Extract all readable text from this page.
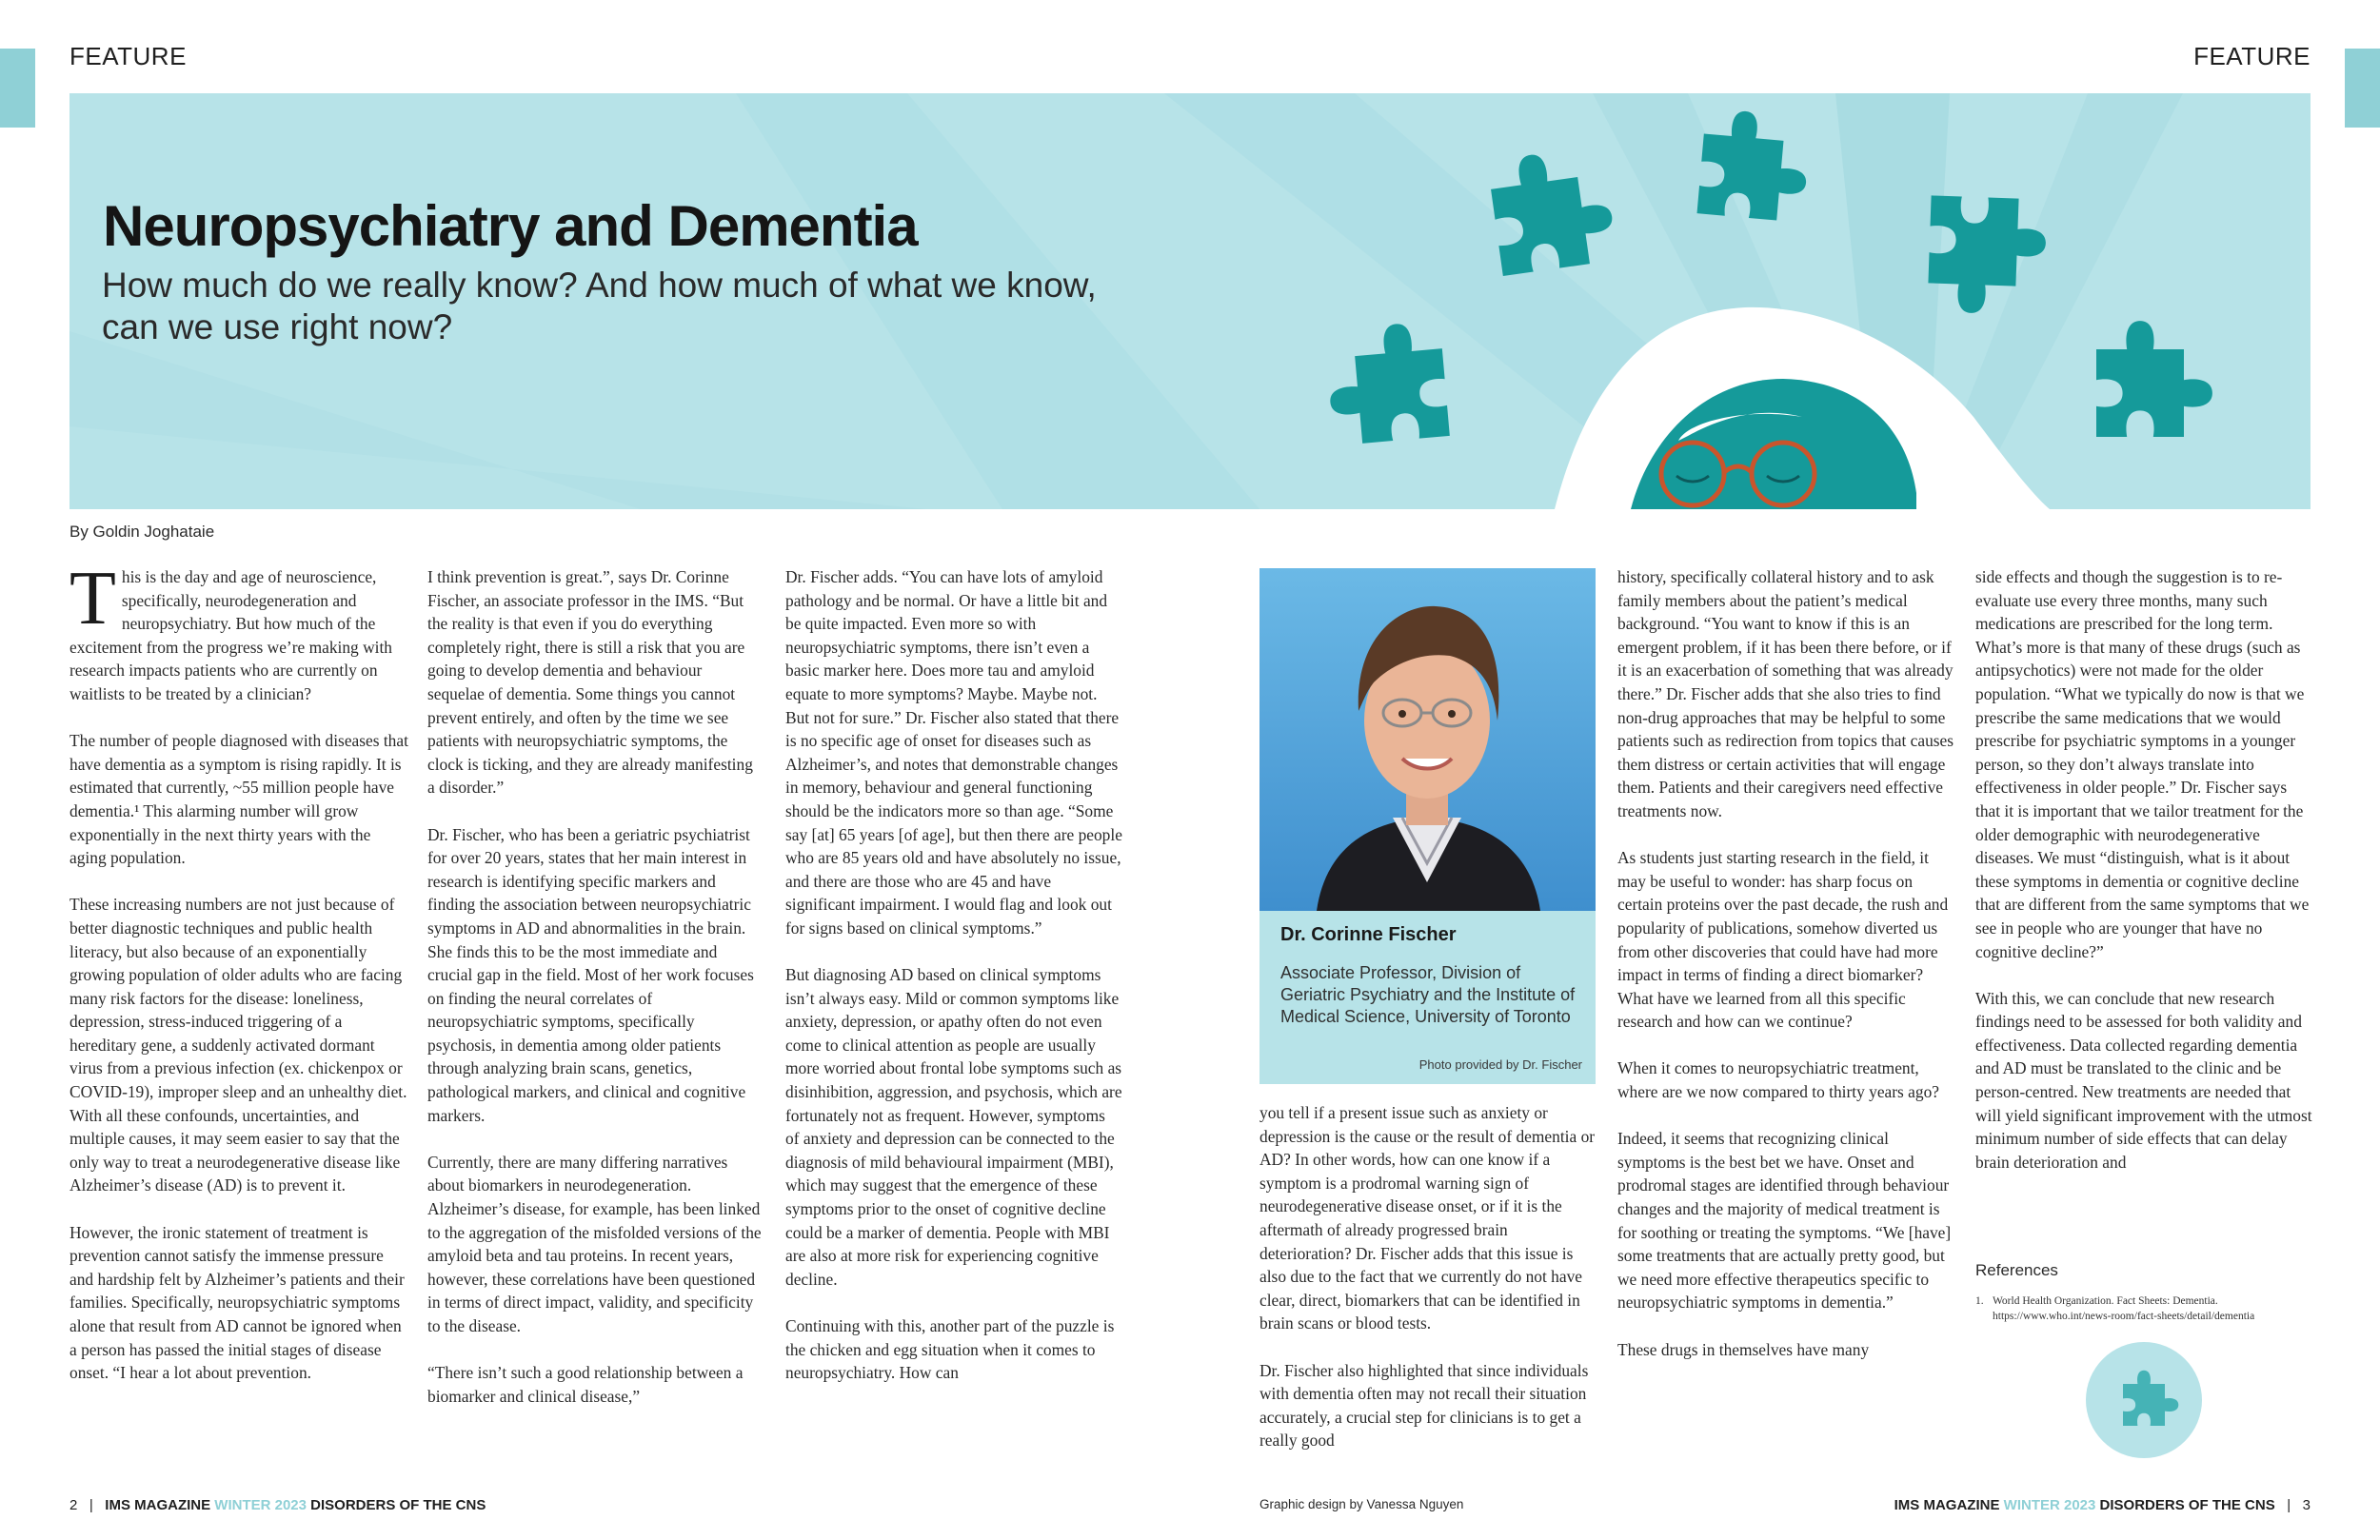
FEATURE	FEATURE
Neuropsychiatry and Dementia
How much do we really know? And how much of what we know, can we use right now?
By Goldin Joghataie

This is the day and age of neuroscience, specifically, neurodegeneration and neuropsychiatry. But how much of the excitement from the progress we’re making with research impacts patients who are currently on waitlists to be treated by a clinician?

The number of people diagnosed with diseases that have dementia as a symptom is rising rapidly. It is estimated that currently, ~55 million people have dementia.¹ This alarming number will grow exponentially in the next thirty years with the aging population.

These increasing numbers are not just because of better diagnostic techniques and public health literacy, but also because of an exponentially growing population of older adults who are facing many risk factors for the disease: loneliness, depression, stress-induced triggering of a hereditary gene, a suddenly activated dormant virus from a previous infection (ex. chickenpox or COVID-19), improper sleep and an unhealthy diet. With all these confounds, uncertainties, and multiple causes, it may seem easier to say that the only way to treat a neurodegenerative disease like Alzheimer’s disease (AD) is to prevent it.

However, the ironic statement of treatment is prevention cannot satisfy the immense pressure and hardship felt by Alzheimer’s patients and their families. Specifically, neuropsychiatric symptoms alone that result from AD cannot be ignored when a person has passed the initial stages of disease onset. “I hear a lot about prevention.

I think prevention is great.”, says Dr. Corinne Fischer, an associate professor in the IMS. “But the reality is that even if you do everything completely right, there is still a risk that you are going to develop dementia and behaviour sequelae of dementia. Some things you cannot prevent entirely, and often by the time we see patients with neuropsychiatric symptoms, the clock is ticking, and they are already manifesting a disorder.”

Dr. Fischer, who has been a geriatric psychiatrist for over 20 years, states that her main interest in research is identifying specific markers and finding the association between neuropsychiatric symptoms in AD and abnormalities in the brain. She finds this to be the most immediate and crucial gap in the field. Most of her work focuses on finding the neural correlates of neuropsychiatric symptoms, specifically psychosis, in dementia among older patients through analyzing brain scans, genetics, pathological markers, and clinical and cognitive markers.

Currently, there are many differing narratives about biomarkers in neurodegeneration. Alzheimer’s disease, for example, has been linked to the aggregation of the misfolded versions of the amyloid beta and tau proteins. In recent years, however, these correlations have been questioned in terms of direct impact, validity, and specificity to the disease.

“There isn’t such a good relationship between a biomarker and clinical disease,”

Dr. Fischer adds. “You can have lots of amyloid pathology and be normal. Or have a little bit and be quite impacted. Even more so with neuropsychiatric symptoms, there isn’t even a basic marker here. Does more tau and amyloid equate to more symptoms? Maybe. Maybe not. But not for sure.” Dr. Fischer also stated that there is no specific age of onset for diseases such as Alzheimer’s, and notes that demonstrable changes in memory, behaviour and general functioning should be the indicators more so than age. “Some say [at] 65 years [of age], but then there are people who are 85 years old and have absolutely no issue, and there are those who are 45 and have significant impairment. I would flag and look out for signs based on clinical symptoms.”

But diagnosing AD based on clinical symptoms isn’t always easy. Mild or common symptoms like anxiety, depression, or apathy often do not even come to clinical attention as people are usually more worried about frontal lobe symptoms such as disinhibition, aggression, and psychosis, which are fortunately not as frequent. However, symptoms of anxiety and depression can be connected to the diagnosis of mild behavioural impairment (MBI), which may suggest that the emergence of these symptoms prior to the onset of cognitive decline could be a marker of dementia. People with MBI are also at more risk for experiencing cognitive decline.

Continuing with this, another part of the puzzle is the chicken and egg situation when it comes to neuropsychiatry. How can

Dr. Corinne Fischer
Associate Professor, Division of Geriatric Psychiatry and the Institute of Medical Science, University of Toronto
Photo provided by Dr. Fischer

you tell if a present issue such as anxiety or depression is the cause or the result of dementia or AD? In other words, how can one know if a symptom is a prodromal warning sign of neurodegenerative disease onset, or if it is the aftermath of already progressed brain deterioration? Dr. Fischer adds that this issue is also due to the fact that we currently do not have clear, direct, biomarkers that can be identified in brain scans or blood tests.

Dr. Fischer also highlighted that since individuals with dementia often may not recall their situation accurately, a crucial step for clinicians is to get a really good

history, specifically collateral history and to ask family members about the patient’s medical background. “You want to know if this is an emergent problem, if it has been there before, or if it is an exacerbation of something that was already there.” Dr. Fischer adds that she also tries to find non-drug approaches that may be helpful to some patients such as redirection from topics that causes them distress or certain activities that will engage them. Patients and their caregivers need effective treatments now.

As students just starting research in the field, it may be useful to wonder: has sharp focus on certain proteins over the past decade, the rush and popularity of publications, somehow diverted us from other discoveries that could have had more impact in terms of finding a direct biomarker? What have we learned from all this specific research and how can we continue?

When it comes to neuropsychiatric treatment, where are we now compared to thirty years ago?

Indeed, it seems that recognizing clinical symptoms is the best bet we have. Onset and prodromal stages are identified through behaviour changes and the majority of medical treatment is for soothing or treating the symptoms. “We [have] some treatments that are actually pretty good, but we need more effective therapeutics specific to neuropsychiatric symptoms in dementia.”

These drugs in themselves have many

side effects and though the suggestion is to re-evaluate use every three months, many such medications are prescribed for the long term. What’s more is that many of these drugs (such as antipsychotics) were not made for the older population. “What we typically do now is that we prescribe the same medications that we would prescribe for psychiatric symptoms in a younger person, so they don’t always translate into effectiveness in older people.” Dr. Fischer says that it is important that we tailor treatment for the older demographic with neurodegenerative diseases. We must “distinguish, what is it about these symptoms in dementia or cognitive decline that are different from the same symptoms that we see in people who are younger that have no cognitive decline?”

With this, we can conclude that new research findings need to be assessed for both validity and effectiveness. Data collected regarding dementia and AD must be translated to the clinic and be person-centred. New treatments are needed that will yield significant improvement with the utmost minimum number of side effects that can delay brain deterioration and

References
1. World Health Organization. Fact Sheets: Dementia. https://www.who.int/news-room/fact-sheets/detail/dementia
2 | IMS MAGAZINE WINTER 2023 DISORDERS OF THE CNS	Graphic design by Vanessa Nguyen	IMS MAGAZINE WINTER 2023 DISORDERS OF THE CNS | 3
